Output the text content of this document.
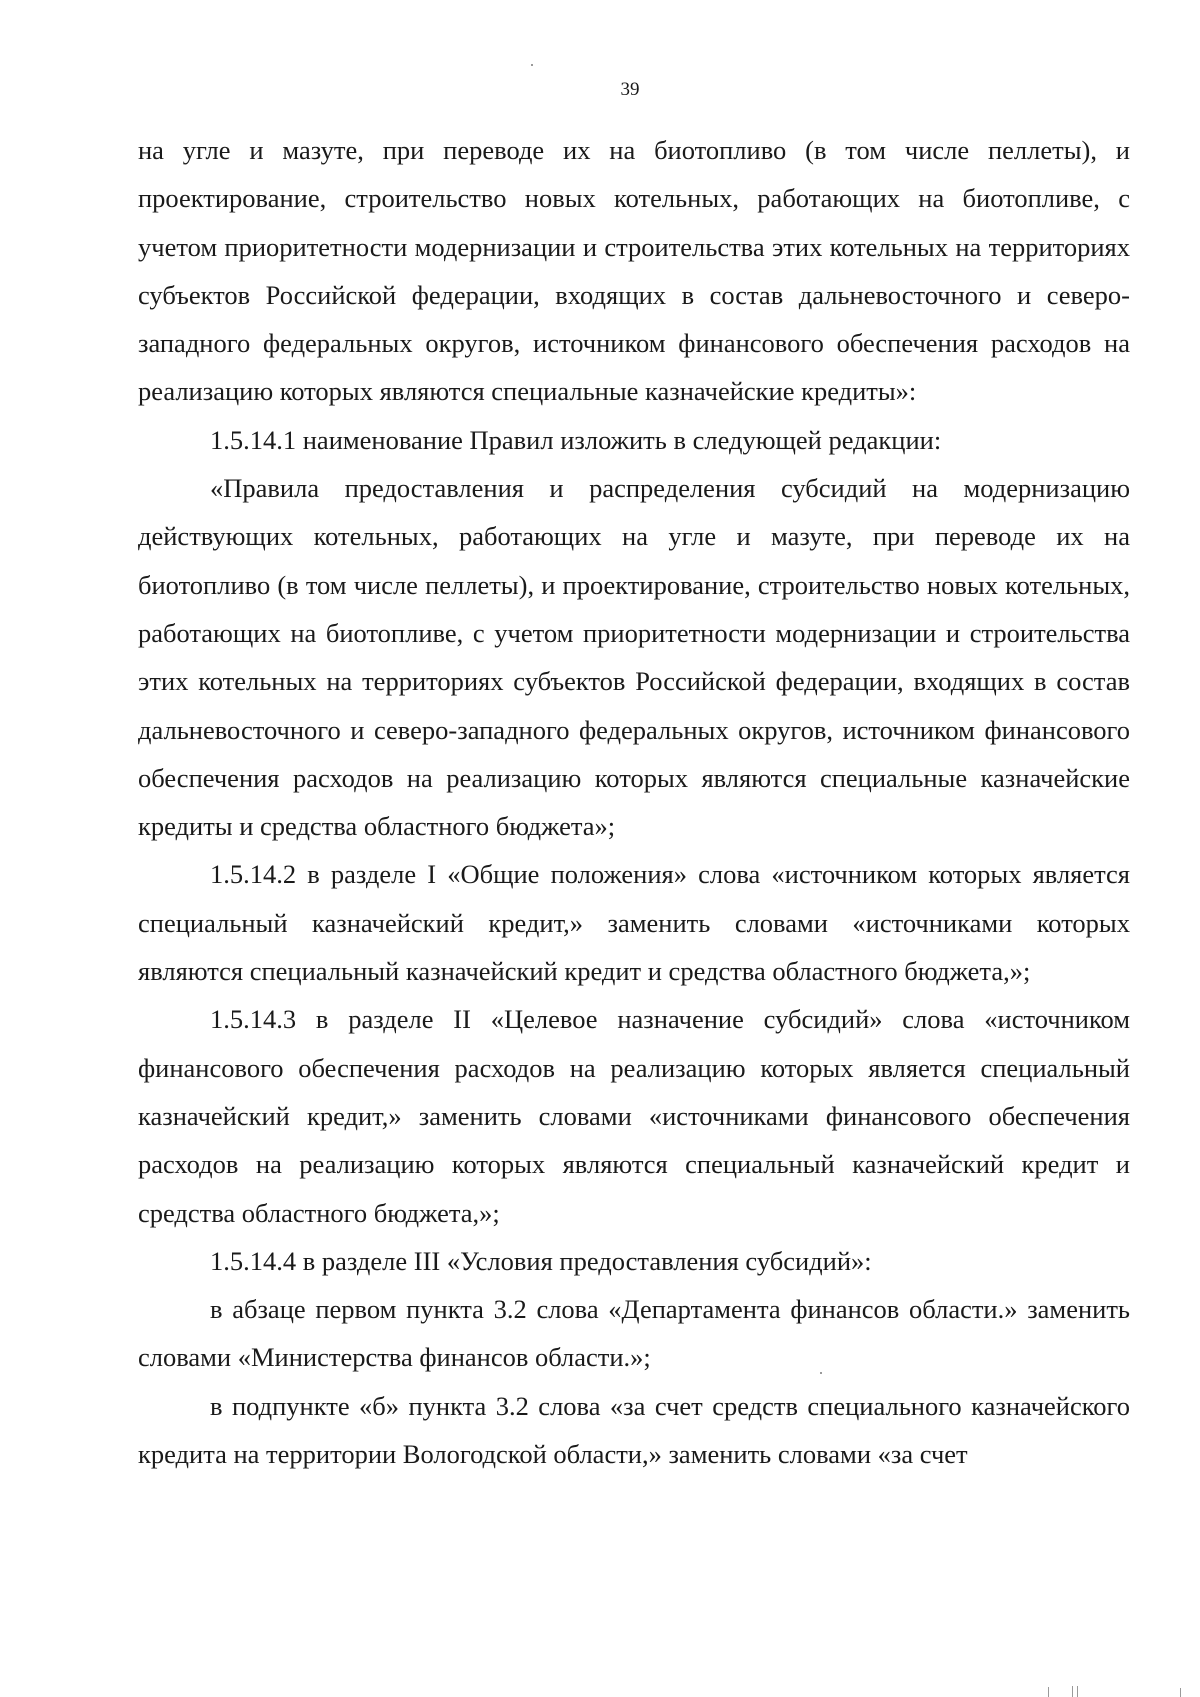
39

на угле и мазуте, при переводе их на биотопливо (в том числе пеллеты), и проектирование, строительство новых котельных, работающих на биотопливе, с учетом приоритетности модернизации и строительства этих котельных на территориях субъектов Российской федерации, входящих в состав дальневосточного и северо-западного федеральных округов, источником финансового обеспечения расходов на реализацию которых являются специальные казначейские кредиты»:

1.5.14.1 наименование Правил изложить в следующей редакции:

«Правила предоставления и распределения субсидий на модернизацию действующих котельных, работающих на угле и мазуте, при переводе их на биотопливо (в том числе пеллеты), и проектирование, строительство новых котельных, работающих на биотопливе, с учетом приоритетности модернизации и строительства этих котельных на территориях субъектов Российской федерации, входящих в состав дальневосточного и северо-западного федеральных округов, источником финансового обеспечения расходов на реализацию которых являются специальные казначейские кредиты и средства областного бюджета»;

1.5.14.2 в разделе I «Общие положения» слова «источником которых является специальный казначейский кредит,» заменить словами «источниками которых являются специальный казначейский кредит и средства областного бюджета,»;

1.5.14.3 в разделе II «Целевое назначение субсидий» слова «источником финансового обеспечения расходов на реализацию которых является специальный казначейский кредит,» заменить словами «источниками финансового обеспечения расходов на реализацию которых являются специальный казначейский кредит и средства областного бюджета,»;

1.5.14.4 в разделе III «Условия предоставления субсидий»:

в абзаце первом пункта 3.2 слова «Департамента финансов области.» заменить словами «Министерства финансов области.»;

в подпункте «б» пункта 3.2 слова «за счет средств специального казначейского кредита на территории Вологодской области,» заменить словами «за счет
